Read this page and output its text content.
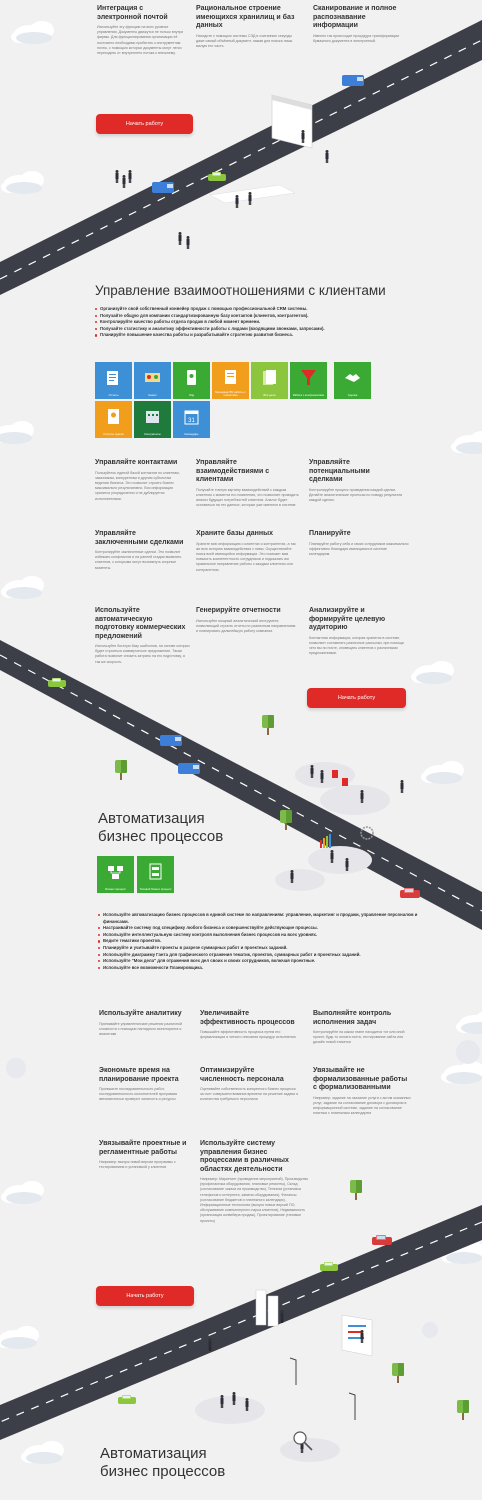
Интеграция с электронной почтой

Используйте эту функцию на всех уровнях управления. Документы движутся не только внутри фирмы. Для функционирования организации её постоянно необходимо прибегать к инструментам почты, с помощью которых документы могут легко переходить от внутреннего потока к внешнему.

Рациональное строение имеющихся хранилищ и баз данных

Находите с помощью системы СЭД в считанные секунды даже самый объёмный документ, нажав для поиска лишь малую его часть.

Сканирование и полное распознавание информации

Именно так происходит процедура трансформации бумажного документа в электронный.

Начать работу
Управление взаимоотношениями с клиентами
Организуйте свой собственный конвейер продаж с помощью профессиональной CRM системы.
Получайте общую для компании стандартизированную базу контактов (клиентов, контрагентов).
Контролируйте качество работы отдела продаж в любой момент времени.
Получайте статистику и аналитику эффективности работы с лидами (входящими звонками, запросами).
Планируйте повышение качества работы и разрабатывайте стратегию развития бизнеса.
Отчеты	Канал	Лид
Менеджер ВЧ работы с клиентами	Все дела	Работа с контрагентами	Сделка
Статусы сделок	Контрагенты
31
Календарь

Управляйте контактами

Пользуйтесь единой базой контактов по клиентам, заказчикам, конкурентам и другим субъектам ведения бизнеса. Это позволит строить бизнес максимально результативно. Вся информация хранится упорядоченно и не дублируется исполнителями.

Управляйте взаимодействиями с клиентами

Получайте точную картину взаимодействий с каждым клиентом с момента его появления, что позволяет проводить анализ будущих потребностей клиентов. Аналог будет основаться на тех данных, которые уже имеются в системе.

Управляйте потенциальными сделками

Контролируйте процесс проведения каждой сделки. Делайте аналитические прогнозы по поводу результата каждой сделки.

Управляйте заключенными сделками

Контролируйте заключенные сделки. Это позволит избежать конфликтов и на ранней стадии выявлять клиентов, с которыми могут возникнуть спорные моменты.

Храните базы данных

Храните всю информацию о клиентах и контрагентах, а так же всю историю взаимодействия с ними. Осуществляйте поиск всей имеющейся информации. Это поможет вам повысить компетентность сотрудников и подсказать им правильное направление работы с каждым клиентом или контрагентом.

Планируйте

Планируйте работу себя и своих сотрудников максимально эффективно благодаря имеющимся в системе календарям.

Используйте автоматическую подготовку коммерческих предложений

Используйте богатую базу шаблонов, на основе которых будет строиться коммерческое предложение. Такая работа позволит снизить затраты на его подготовку, а так же скорость.

Генерируйте отчетности

Используйте мощный аналитический инструмент, позволяющий строить отчеты по различным направлениям и планировать дальнейшую работу компании.

Анализируйте и формируйте целевую аудиторию

Контактная информация, которая хранится в системе, позволяет составлять различные рассылки, при помощи чего вы по почте, оповещать клиентов с различными предложениями.

Начать работу

Автоматизация

бизнес процессов

Бизнес процесс	Типовой бизнес процесс
Используйте автоматизацию бизнес процессов в единой системе по направлениям: управление, маркетинг и продажи, управление персоналом и финансами.
Настраивайте систему под специфику любого бизнеса и совершенствуйте действующие процессы.
Используйте интеллектуальную систему контроля выполнения бизнес процессов на всех уровнях.
Ведите тематики проектов.
Планируйте и учитывайте проекты в разрезе суммарных работ и проектных заданий.
Используйте диаграмму Ганта для графического отражения тематик, проектов, суммарных работ и проектных заданий.
Используйте "Мои дела" для отражения всех дел своих и своих сотрудников, включая проектные.
Используйте все возможности Планировщика.

Используйте аналитику

Принимайте управленческие решения различной сложности с помощью наглядного мониторинга и аналитики

Увеличивайте эффективность процессов

Повышайте эффективность процесса путем его формализации и четкого описания процедур исполнения

Выполняйте контроль исполнения задач

Контролируйте на каком этапе находится тот или иной проект, будь то оплата счета, тестирование сайта или дизайн новой этикетки

Экономьте время на планирование проекта

Пропишите последовательность работ, последовательность исполнителей программа автоматически проверит занятость и ресурсы

Оптимизируйте численность персонала

Оценивайте собственность конкретного бизнес процесса за счет совершенствования времени на решение задачи и количества требуемого персонала

Увязывайте не формализованные работы с формализованными

Например: задание на оказание услуги с актом оказанных услуг, задание на согласование договора с договором в информационной системе, задание на согласование платежа с платежным календарем

Увязывайте проектные и регламентные работы

Например: выпуск новой версии программы с тестированием и установкой у клиентов

Используйте систему управления бизнес процессами в различных областях деятельности

Например: Маркетинг (проведение мероприятий), Производство (профилактика оборудования, плановые ремонты), Склад (согласование заказа на производство), Телеком (установка телефонов и интернета, замена оборудования), Финансы (согласование бюджетов и платежного календаря), Информационные технологии (выпуск новых версий ПО, обслуживание компьютерного парка клиентов), Недвижимость (организация конвейера продаж), Проектирование (типовые проекты)

Начать работу

Автоматизация

бизнес процессов
